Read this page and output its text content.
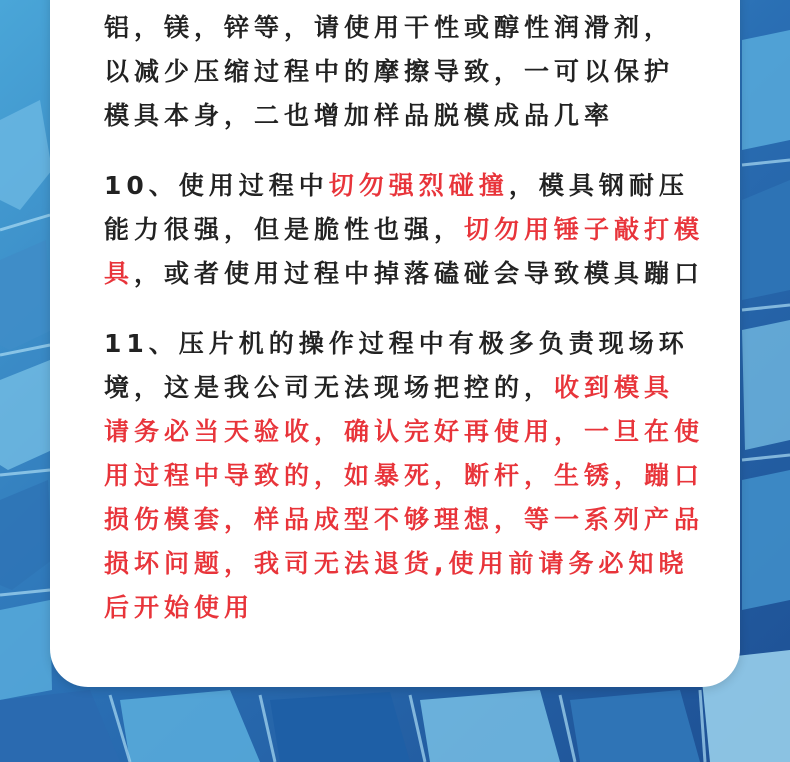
铝，镁，锌等，请使用干性或醇性润滑剂，
以减少压缩过程中的摩擦导致，一可以保护
模具本身，二也增加样品脱模成品几率
10、使用过程中切勿强烈碰撞，模具钢耐压
能力很强，但是脆性也强，切勿用锤子敲打模
具，或者使用过程中掉落磕碰会导致模具蹦口
11、压片机的操作过程中有极多负责现场环
境，这是我公司无法现场把控的，收到模具
请务必当天验收，确认完好再使用，一旦在使
用过程中导致的，如暴死，断杆，生锈，蹦口
损伤模套，样品成型不够理想，等一系列产品
损坏问题，我司无法退货,使用前请务必知晓
后开始使用
